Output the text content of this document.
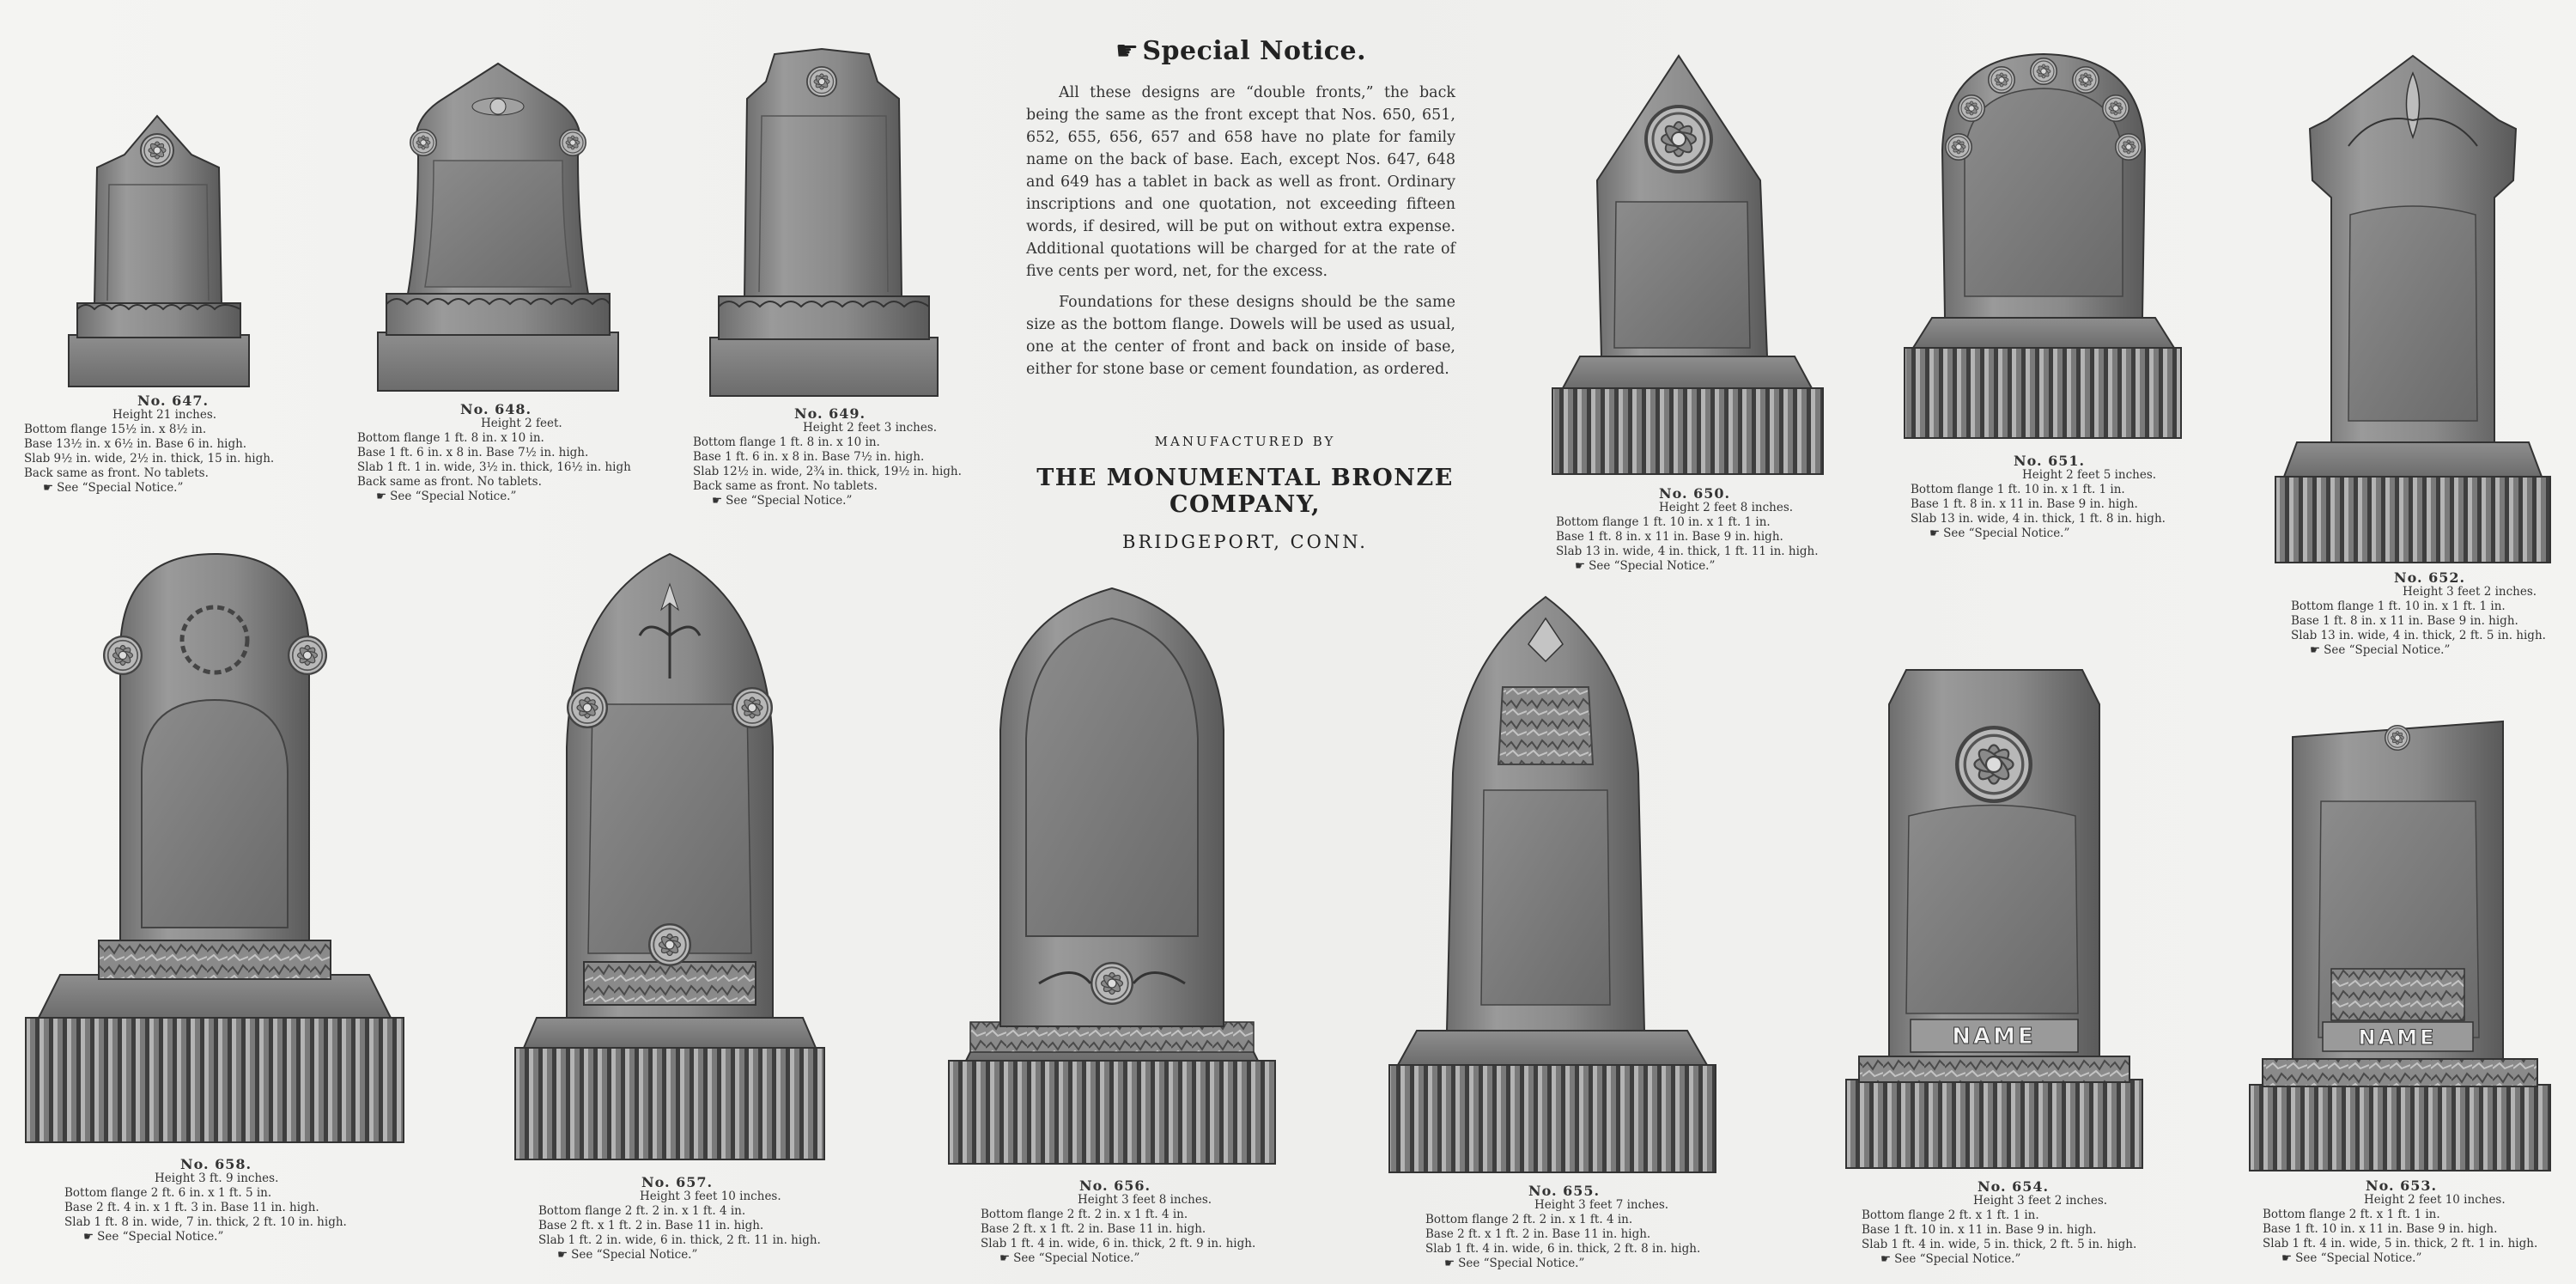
No. 647.
Height 21 inches.
Bottom flange 15½ in. x 8½ in.
Base 13½ in. x 6½ in. Base 6 in. high.
Slab 9½ in. wide, 2½ in. thick, 15 in. high.
Back same as front. No tablets.
☛ See “Special Notice.”
No. 648.
Height 2 feet.
Bottom flange 1 ft. 8 in. x 10 in.
Base 1 ft. 6 in. x 8 in. Base 7½ in. high.
Slab 1 ft. 1 in. wide, 3½ in. thick, 16½ in. high
Back same as front. No tablets.
☛ See “Special Notice.”
No. 649.
Height 2 feet 3 inches.
Bottom flange 1 ft. 8 in. x 10 in.
Base 1 ft. 6 in. x 8 in. Base 7½ in. high.
Slab 12½ in. wide, 2¾ in. thick, 19½ in. high.
Back same as front. No tablets.
☛ See “Special Notice.”
☛ Special Notice.

All these designs are “double fronts,” the back being the same as the front except that Nos. 650, 651, 652, 655, 656, 657 and 658 have no plate for family name on the back of base. Each, except Nos. 647, 648 and 649 has a tablet in back as well as front. Ordinary inscriptions and one quotation, not exceeding fifteen words, if desired, will be put on without extra expense. Additional quotations will be charged for at the rate of five cents per word, net, for the excess.

Foundations for these designs should be the same size as the bottom flange. Dowels will be used as usual, one at the center of front and back on inside of base, either for stone base or cement foundation, as ordered.

MANUFACTURED BY
THE MONUMENTAL BRONZE COMPANY,
BRIDGEPORT, CONN.
No. 650.
Height 2 feet 8 inches.
Bottom flange 1 ft. 10 in. x 1 ft. 1 in.
Base 1 ft. 8 in. x 11 in. Base 9 in. high.
Slab 13 in. wide, 4 in. thick, 1 ft. 11 in. high.
☛ See “Special Notice.”
No. 651.
Height 2 feet 5 inches.
Bottom flange 1 ft. 10 in. x 1 ft. 1 in.
Base 1 ft. 8 in. x 11 in. Base 9 in. high.
Slab 13 in. wide, 4 in. thick, 1 ft. 8 in. high.
☛ See “Special Notice.”
No. 652.
Height 3 feet 2 inches.
Bottom flange 1 ft. 10 in. x 1 ft. 1 in.
Base 1 ft. 8 in. x 11 in. Base 9 in. high.
Slab 13 in. wide, 4 in. thick, 2 ft. 5 in. high.
☛ See “Special Notice.”
No. 658.
Height 3 ft. 9 inches.
Bottom flange 2 ft. 6 in. x 1 ft. 5 in.
Base 2 ft. 4 in. x 1 ft. 3 in. Base 11 in. high.
Slab 1 ft. 8 in. wide, 7 in. thick, 2 ft. 10 in. high.
☛ See “Special Notice.”
No. 657.
Height 3 feet 10 inches.
Bottom flange 2 ft. 2 in. x 1 ft. 4 in.
Base 2 ft. x 1 ft. 2 in. Base 11 in. high.
Slab 1 ft. 2 in. wide, 6 in. thick, 2 ft. 11 in. high.
☛ See “Special Notice.”
No. 656.
Height 3 feet 8 inches.
Bottom flange 2 ft. 2 in. x 1 ft. 4 in.
Base 2 ft. x 1 ft. 2 in. Base 11 in. high.
Slab 1 ft. 4 in. wide, 6 in. thick, 2 ft. 9 in. high.
☛ See “Special Notice.”
No. 655.
Height 3 feet 7 inches.
Bottom flange 2 ft. 2 in. x 1 ft. 4 in.
Base 2 ft. x 1 ft. 2 in. Base 11 in. high.
Slab 1 ft. 4 in. wide, 6 in. thick, 2 ft. 8 in. high.
☛ See “Special Notice.”
NAME
No. 654.
Height 3 feet 2 inches.
Bottom flange 2 ft. x 1 ft. 1 in.
Base 1 ft. 10 in. x 11 in. Base 9 in. high.
Slab 1 ft. 4 in. wide, 5 in. thick, 2 ft. 5 in. high.
☛ See “Special Notice.”
NAME
No. 653.
Height 2 feet 10 inches.
Bottom flange 2 ft. x 1 ft. 1 in.
Base 1 ft. 10 in. x 11 in. Base 9 in. high.
Slab 1 ft. 4 in. wide, 5 in. thick, 2 ft. 1 in. high.
☛ See “Special Notice.”
